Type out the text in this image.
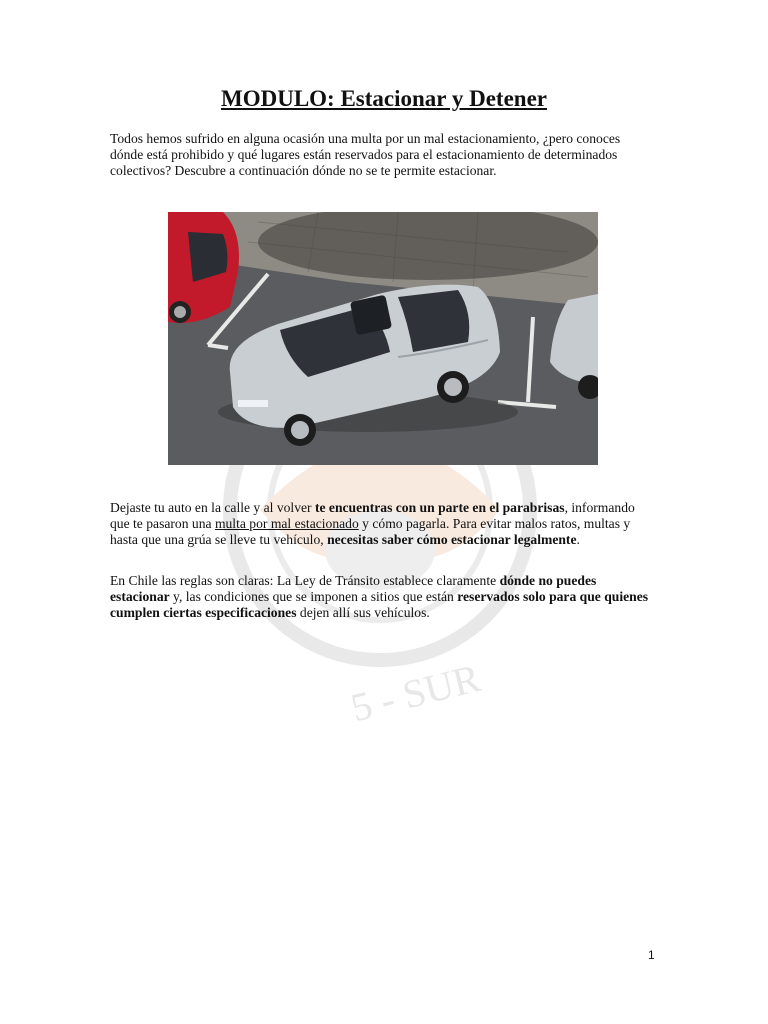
5 - SUR
MODULO: Estacionar y Detener

Todos hemos sufrido en alguna ocasión una multa por un mal estacionamiento, ¿pero conoces dónde está prohibido y qué lugares están reservados para el estacionamiento de determinados colectivos? Descubre a continuación dónde no se te permite estacionar.

Dejaste tu auto en la calle y al volver te encuentras con un parte en el parabrisas, informando que te pasaron una multa por mal estacionado y cómo pagarla. Para evitar malos ratos, multas y hasta que una grúa se lleve tu vehículo, necesitas saber cómo estacionar legalmente.

En Chile las reglas son claras: La Ley de Tránsito establece claramente dónde no puedes estacionar y, las condiciones que se imponen a sitios que están reservados solo para que quienes cumplen ciertas especificaciones dejen allí sus vehículos.

1
